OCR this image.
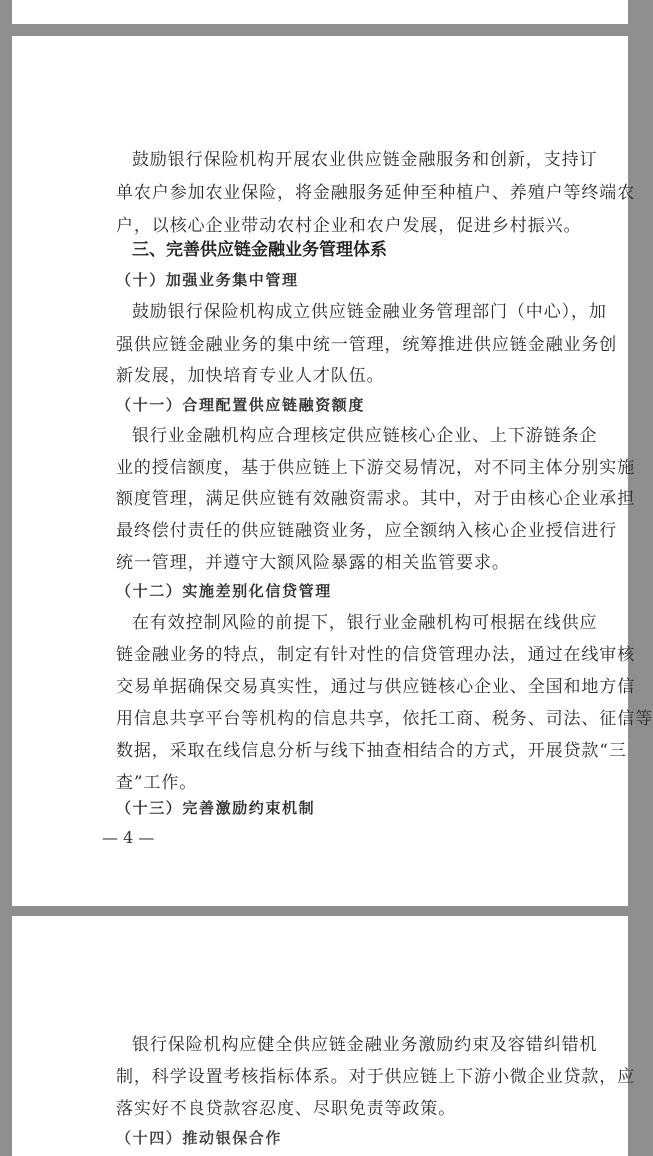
鼓励银行保险机构开展农业供应链金融服务和创新，支持订
单农户参加农业保险，将金融服务延伸至种植户、养殖户等终端农
户，以核心企业带动农村企业和农户发展，促进乡村振兴。
三、完善供应链金融业务管理体系
（十）加强业务集中管理
鼓励银行保险机构成立供应链金融业务管理部门（中心），加
强供应链金融业务的集中统一管理，统筹推进供应链金融业务创
新发展，加快培育专业人才队伍。
（十一）合理配置供应链融资额度
银行业金融机构应合理核定供应链核心企业、上下游链条企
业的授信额度，基于供应链上下游交易情况，对不同主体分别实施
额度管理，满足供应链有效融资需求。其中，对于由核心企业承担
最终偿付责任的供应链融资业务，应全额纳入核心企业授信进行
统一管理，并遵守大额风险暴露的相关监管要求。
（十二）实施差别化信贷管理
在有效控制风险的前提下，银行业金融机构可根据在线供应
链金融业务的特点，制定有针对性的信贷管理办法，通过在线审核
交易单据确保交易真实性，通过与供应链核心企业、全国和地方信
用信息共享平台等机构的信息共享，依托工商、税务、司法、征信等
数据，采取在线信息分析与线下抽查相结合的方式，开展贷款“三
查”工作。
（十三）完善激励约束机制
— 4 —
银行保险机构应健全供应链金融业务激励约束及容错纠错机
制，科学设置考核指标体系。对于供应链上下游小微企业贷款，应
落实好不良贷款容忍度、尽职免责等政策。
（十四）推动银保合作
